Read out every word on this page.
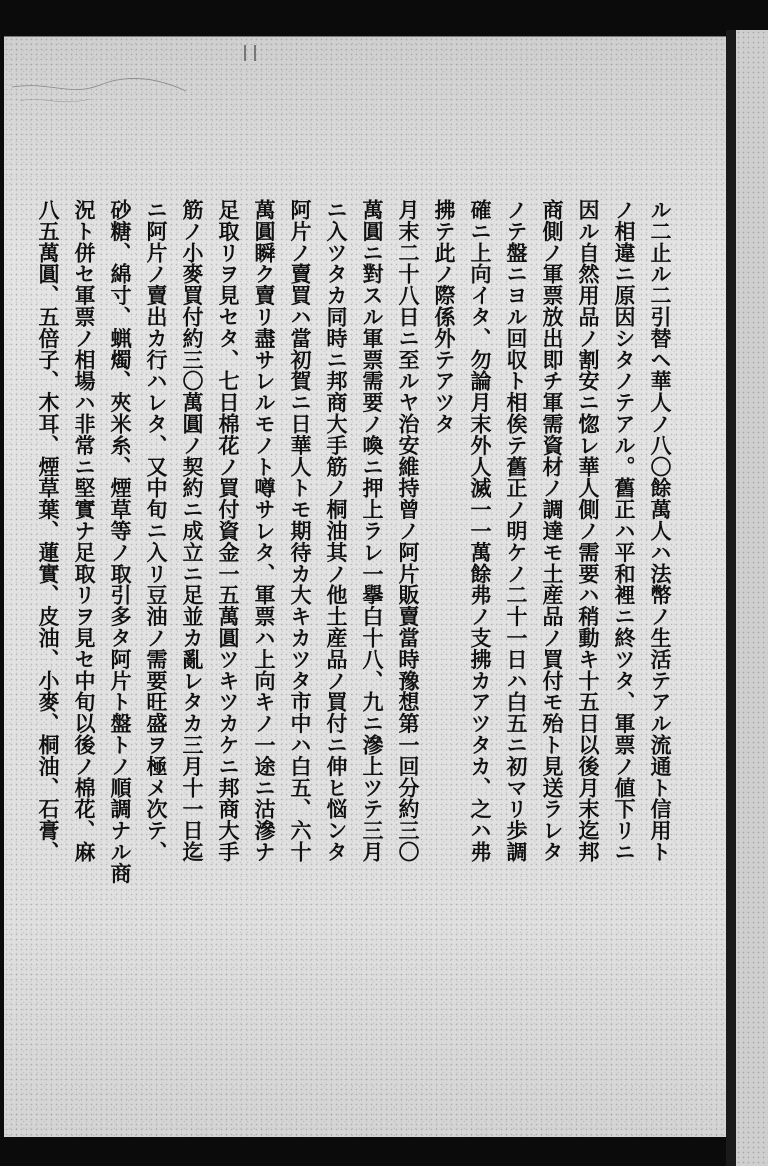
ル二止ル二引替ヘ華人ノ八〇餘萬人ハ法幣ノ生活テアル流通ト信用ト
ノ相違ニ原因シタノテアル。舊正ハ平和裡ニ終ツタ、軍票ノ値下リニ
因ル自然用品ノ割安ニ惚レ華人側ノ需要ハ稍動キ十五日以後月末迄邦
商側ノ軍票放出即チ軍需資材ノ調達モ土産品ノ買付モ殆ト見送ラレタ
ノテ盤ニヨル回収ト相俟テ舊正ノ明ケノ二十一日ハ白五ニ初マリ歩調
確ニ上向イタ、勿論月末外人滅一一萬餘弗ノ支拂カアツタカ、之ハ弗
拂テ此ノ際係外テアツタ
月末二十八日ニ至ルヤ治安維持曾ノ阿片販賣當時豫想第一回分約三〇
萬圓ニ對スル軍票需要ノ喚ニ押上ラレ一擧白十八、九ニ滲上ツテ三月
ニ入ツタカ同時ニ邦商大手筋ノ桐油其ノ他土産品ノ買付ニ伸ヒ悩ンタ
阿片ノ賣買ハ當初賀ニ日華人トモ期待カ大キカツタ市中ハ白五、六十
萬圓瞬ク賣リ盡サレルモノト噂サレタ、軍票ハ上向キノ一途ニ沽滲ナ
足取リヲ見セタ、七日棉花ノ買付資金一五萬圓ツキツカケニ邦商大手
筋ノ小麥買付約三〇萬圓ノ契約ニ成立ニ足並カ亂レタカ三月十一日迄
ニ阿片ノ賣出カ行ハレタ、又中旬ニ入リ豆油ノ需要旺盛ヲ極メ次テ、
砂糖、綿寸、蝋燭、夾米糸、煙草等ノ取引多タ阿片ト盤トノ順調ナル商
況ト併セ軍票ノ相場ハ非常ニ堅實ナ足取リヲ見セ中旬以後ノ棉花、麻
八五萬圓、五倍子、木耳、煙草葉、蓮實、皮油、小麥、桐油、石膏、
